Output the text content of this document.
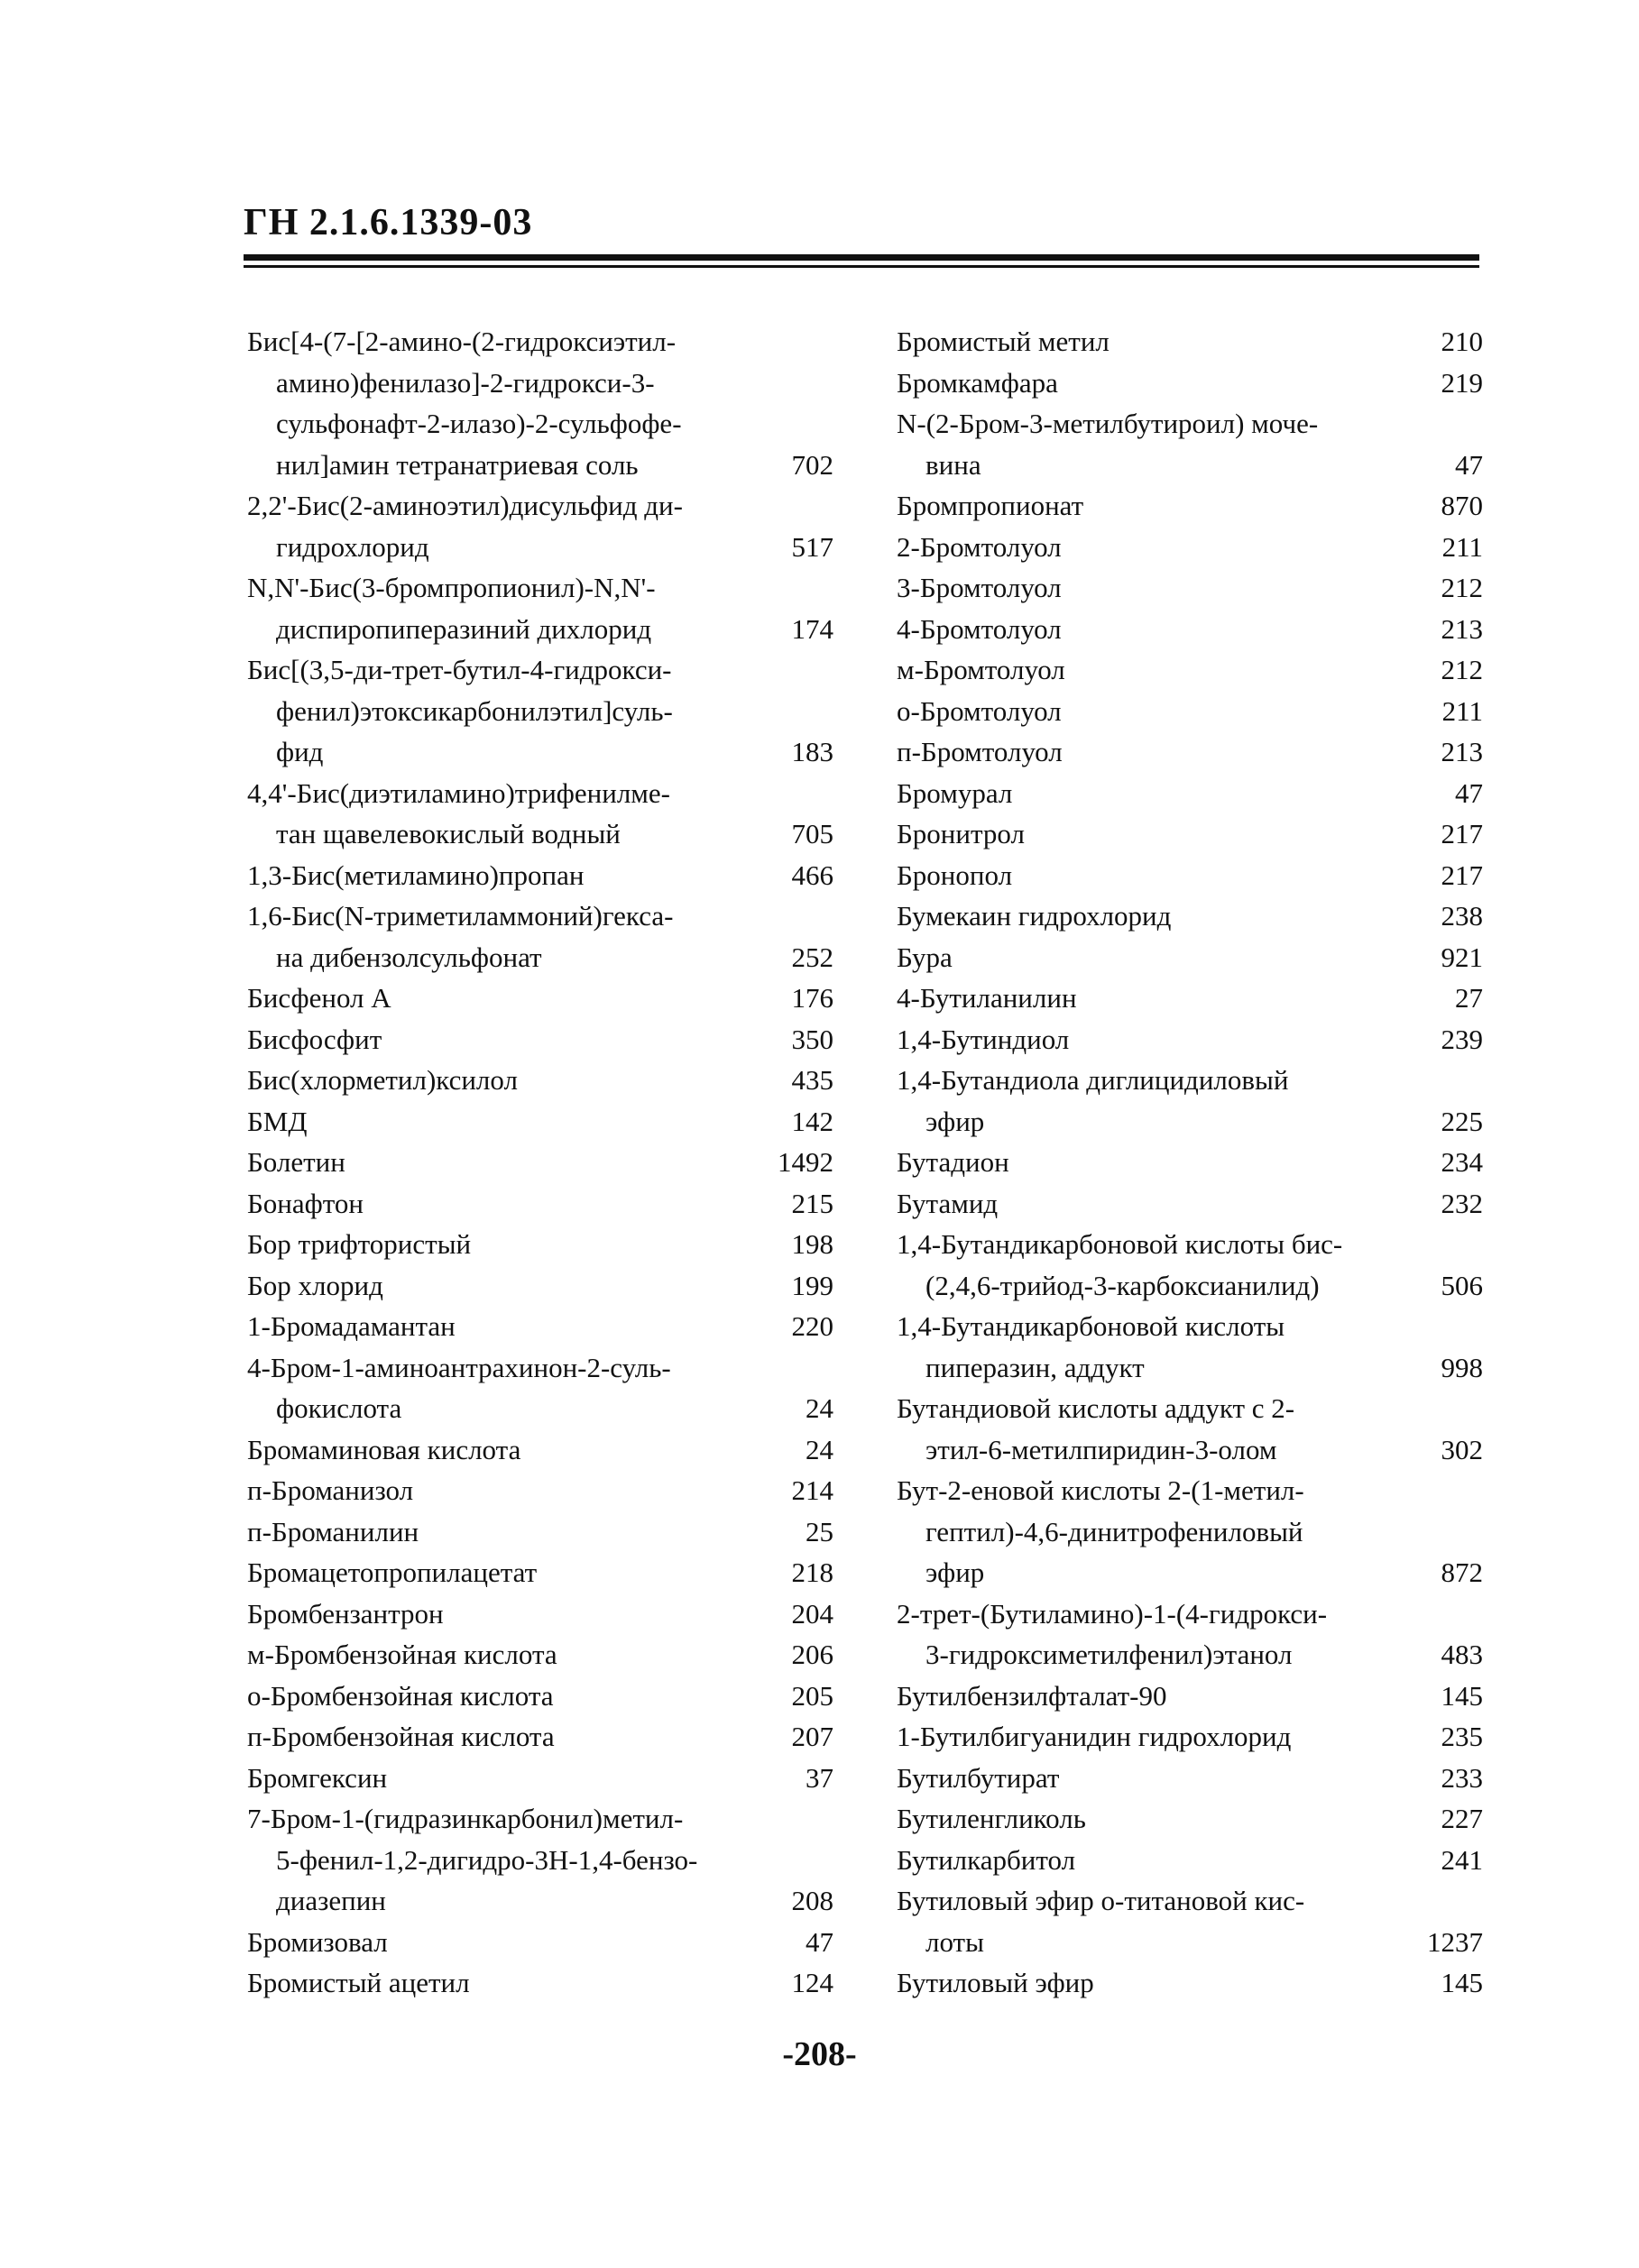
ГН 2.1.6.1339-03
Бис[4-(7-[2-амино-(2-гидроксиэтил-
амино)фенилазо]-2-гидрокси-3-
сульфонафт-2-илазо)-2-сульфофе-
нил]амин тетранатриевая соль	702
2,2'-Бис(2-аминоэтил)дисульфид ди-
гидрохлорид	517
N,N'-Бис(3-бромпропионил)-N,N'-
диспиропиперазиний дихлорид	174
Бис[(3,5-ди-трет-бутил-4-гидрокси-
фенил)этоксикарбонилэтил]суль-
фид	183
4,4'-Бис(диэтиламино)трифенилме-
тан щавелевокислый водный	705
1,3-Бис(метиламино)пропан	466
1,6-Бис(N-триметиламмоний)гекса-
на дибензолсульфонат	252
Бисфенол А	176
Бисфосфит	350
Бис(хлорметил)ксилол	435
БМД	142
Болетин	1492
Бонафтон	215
Бор трифтористый	198
Бор хлорид	199
1-Бромадамантан	220
4-Бром-1-аминоантрахинон-2-суль-
фокислота	24
Бромаминовая кислота	24
п-Броманизол	214
п-Броманилин	25
Бромацетопропилацетат	218
Бромбензантрон	204
м-Бромбензойная кислота	206
о-Бромбензойная кислота	205
п-Бромбензойная кислота	207
Бромгексин	37
7-Бром-1-(гидразинкарбонил)метил-
5-фенил-1,2-дигидро-3Н-1,4-бензо-
диазепин	208
Бромизовал	47
Бромистый ацетил	124
Бромистый метил	210
Бромкамфара	219
N-(2-Бром-3-метилбутироил) моче-
вина	47
Бромпропионат	870
2-Бромтолуол	211
3-Бромтолуол	212
4-Бромтолуол	213
м-Бромтолуол	212
о-Бромтолуол	211
п-Бромтолуол	213
Бромурал	47
Бронитрол	217
Бронопол	217
Бумекаин гидрохлорид	238
Бура	921
4-Бутиланилин	27
1,4-Бутиндиол	239
1,4-Бутандиола диглицидиловый
эфир	225
Бутадион	234
Бутамид	232
1,4-Бутандикарбоновой кислоты бис-
(2,4,6-трийод-3-карбоксианилид)	506
1,4-Бутандикарбоновой кислоты
пиперазин, аддукт	998
Бутандиовой кислоты аддукт с 2-
этил-6-метилпиридин-3-олом	302
Бут-2-еновой кислоты 2-(1-метил-
гептил)-4,6-динитрофениловый
эфир	872
2-трет-(Бутиламино)-1-(4-гидрокси-
3-гидроксиметилфенил)этанол	483
Бутилбензилфталат-90	145
1-Бутилбигуанидин гидрохлорид	235
Бутилбутират	233
Бутиленгликоль	227
Бутилкарбитол	241
Бутиловый эфир о-титановой кис-
лоты	1237
Бутиловый эфир	145
-208-
